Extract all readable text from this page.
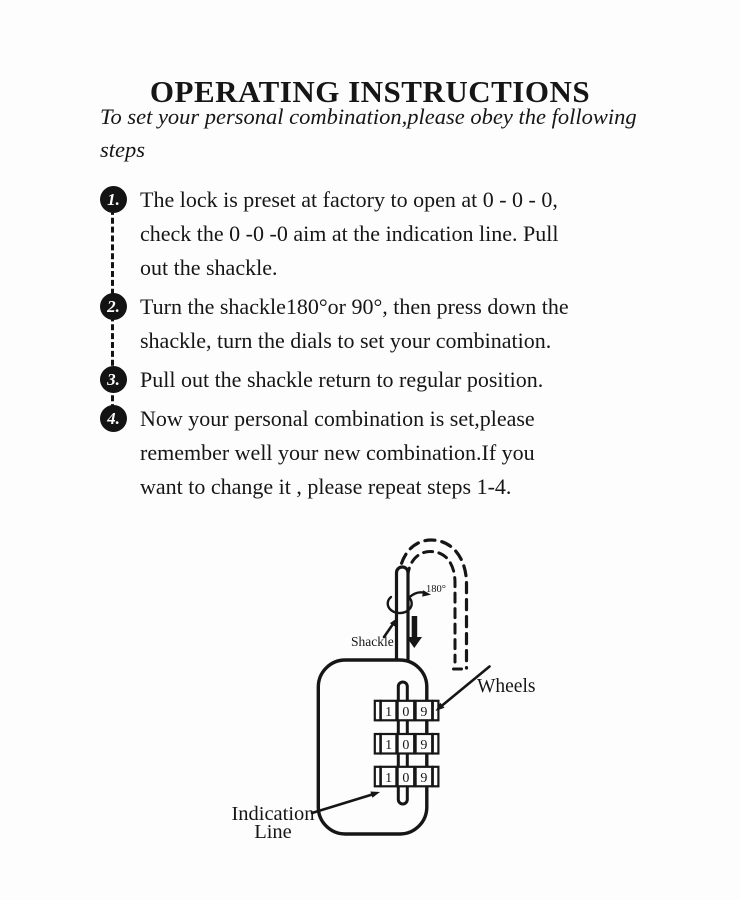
OPERATING INSTRUCTIONS
To set your personal combination,please obey the following
steps
1. The lock is preset at factory to open at 0 - 0 - 0,
check the 0 -0 -0 aim at the indication line. Pull
out the shackle.
2. Turn the shackle180°or 90°, then press down the
shackle, turn the dials to set your combination.
3. Pull out the shackle return to regular position.
4. Now your personal combination is set,please
remember well your new combination.If you
want to change it , please repeat steps 1-4.
180°
Shackle
1 0 9
1 0 9
1 0 9
Wheels
Indication
Line
